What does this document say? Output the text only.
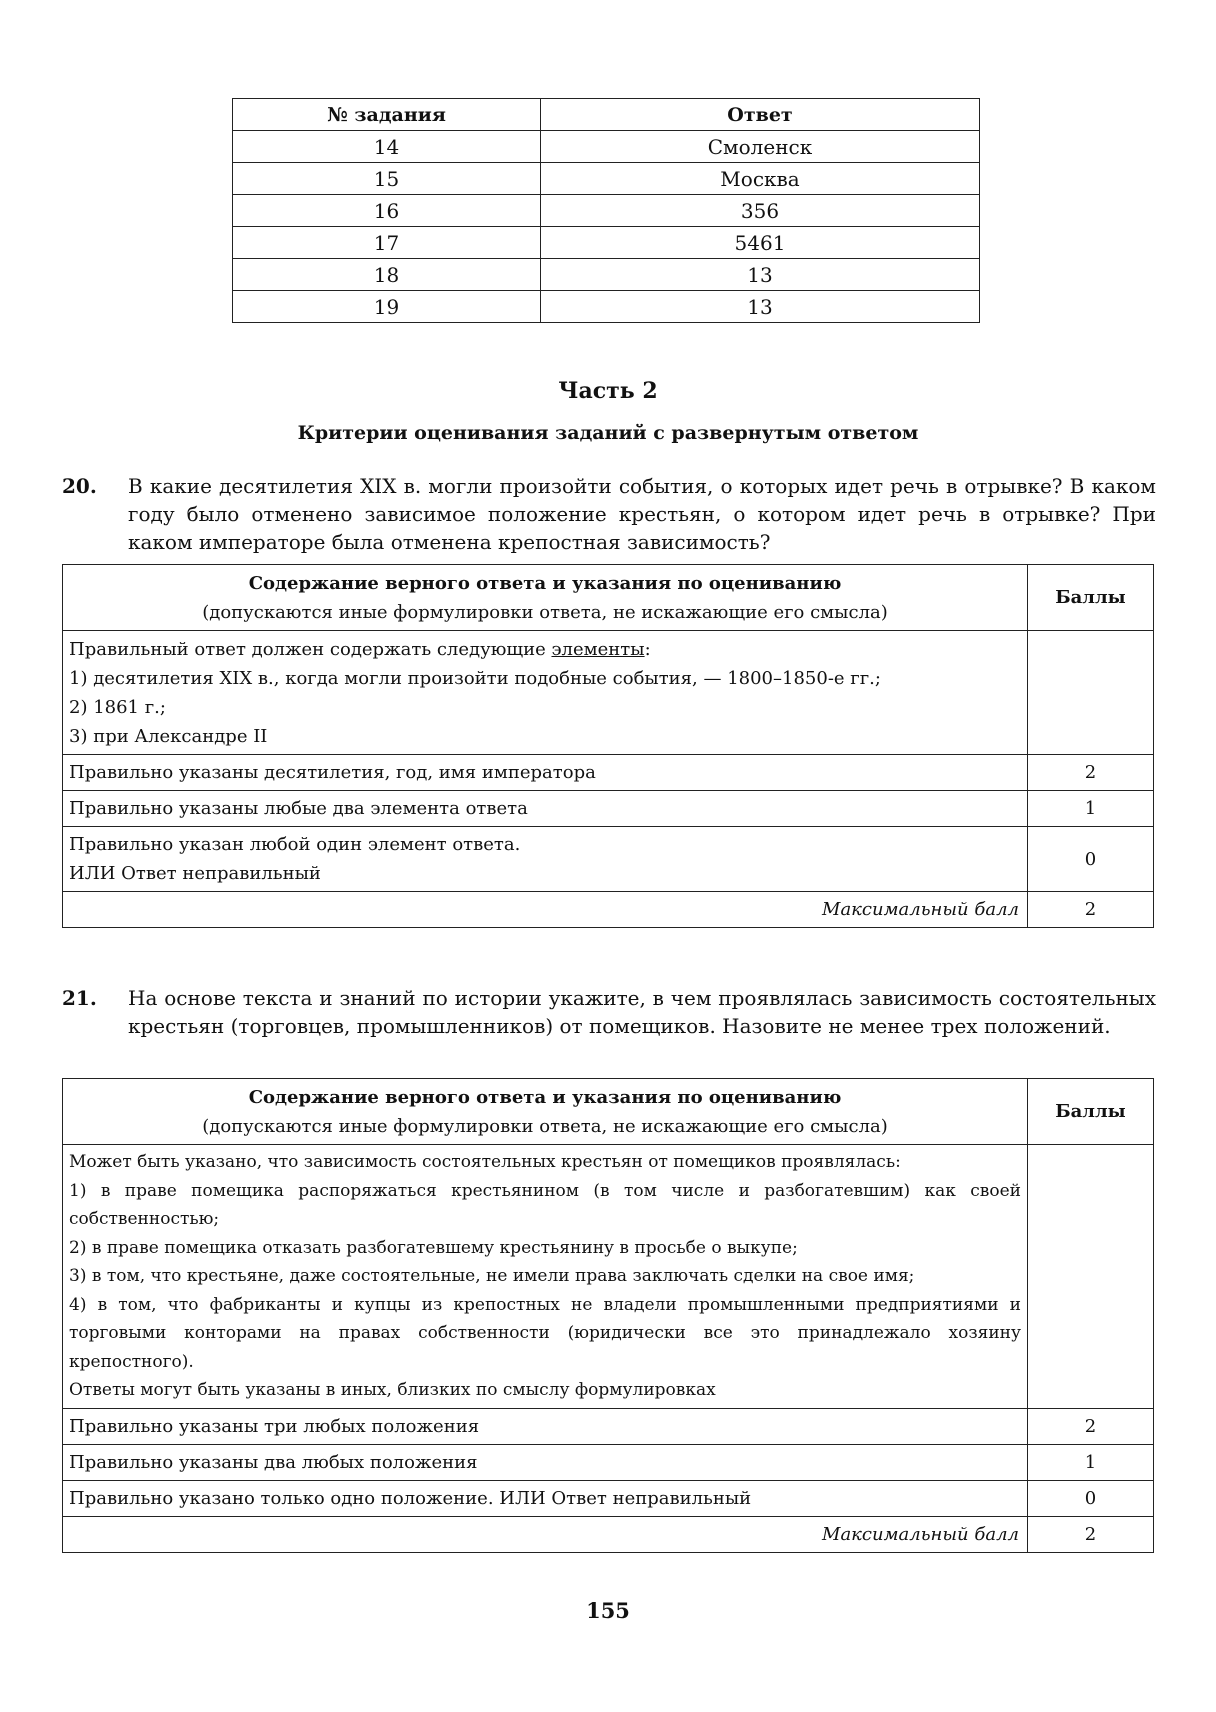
№ задания	Ответ
14	Смоленск
15	Москва
16	356
17	5461
18	13
19	13
Часть 2
Критерии оценивания заданий с развернутым ответом
20.	В какие десятилетия XIX в. могли произойти события, о которых идет речь в отрывке? В каком году было отменено зависимое положение крестьян, о котором идет речь в отрывке? При каком императоре была отменена крепостная зависимость?
Содержание верного ответа и указания по оцениванию
(допускаются иные формулировки ответа, не искажающие его смысла)	Баллы

Правильный ответ должен содержать следующие элементы:
1) десятилетия XIX в., когда могли произойти подобные события, — 1800–1850-е гг.;
2) 1861 г.;
3) при Александре II	

Правильно указаны десятилетия, год, имя императора	2
Правильно указаны любые два элемента ответа	1

Правильно указан любой один элемент ответа.
ИЛИ Ответ неправильный	0
Максимальный балл	2
21.	На основе текста и знаний по истории укажите, в чем проявлялась зависимость состоятельных крестьян (торговцев, промышленников) от помещиков. Назовите не менее трех положений.
Содержание верного ответа и указания по оцениванию
(допускаются иные формулировки ответа, не искажающие его смысла)	Баллы

Может быть указано, что зависимость состоятельных крестьян от помещиков проявлялась:
1) в праве помещика распоряжаться крестьянином (в том числе и разбогатевшим) как своей собственностью;
2) в праве помещика отказать разбогатевшему крестьянину в просьбе о выкупе;
3) в том, что крестьяне, даже состоятельные, не имели права заключать сделки на свое имя;
4) в том, что фабриканты и купцы из крепостных не владели промышленными предприятиями и торговыми конторами на правах собственности (юридически все это принадлежало хозяину крепостного).
Ответы могут быть указаны в иных, близких по смыслу формулировках

Правильно указаны три любых положения	2
Правильно указаны два любых положения	1
Правильно указано только одно положение. ИЛИ Ответ неправильный	0
Максимальный балл	2
155
